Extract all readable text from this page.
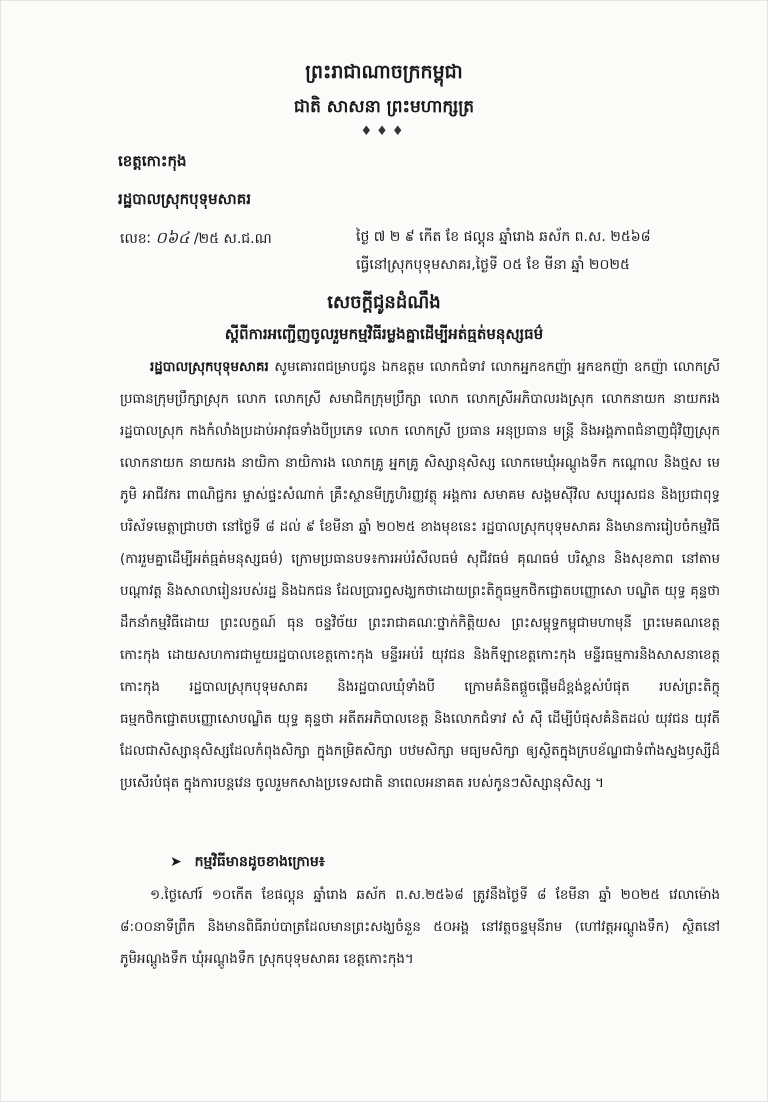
ព្រះរាជាណាចក្រកម្ពុជា
ជាតិ សាសនា ព្រះមហាក្សត្រ
♦♦♦
ខេត្តកោះកុង
រដ្ឋបាលស្រុកបុទុមសាគរ
លេខៈ ០៦៤ /២៥ ស.ជ.ណ	ថ្ងៃ ៧ ២ ៩ កើត ខែ ផល្គុន ឆ្នាំរោង ឆស័ក ព.ស. ២៥៦៨
ធ្វើនៅស្រុកបុទុមសាគរ,ថ្ងៃទី ០៥ ខែ មីនា ឆ្នាំ ២០២៥
សេចក្តីជូនដំណឹង
ស្តីពីការអញ្ជើញចូលរួមកម្មវិធីរម្លងគ្នាដើម្បីអត់ធ្មត់មនុស្សធម៌

រដ្ឋបាលស្រុកបុទុមសាគរ សូមគោរពជម្រាបជូន ឯកឧត្តម លោកជំទាវ លោកអ្នកឧកញ៉ា អ្នកឧកញ៉ា ឧកញ៉ា លោកស្រីប្រធានក្រុមប្រឹក្សាស្រុក លោក លោកស្រី សមាជិកក្រុមប្រឹក្សា លោក លោកស្រីអភិបាលរងស្រុក លោកនាយក នាយករងរដ្ឋបាលស្រុក កងកំលាំងប្រដាប់អាវុធទាំងបីប្រភេទ លោក លោកស្រី ប្រធាន អនុប្រធាន មន្ត្រី និងអង្គភាពជំនាញជុំវិញស្រុក លោកនាយក នាយករង នាយិកា នាយិការង លោកគ្រូ អ្នកគ្រូ សិស្សានុសិស្ស លោកមេឃុំអណ្តូងទឹក កណ្តោល និងថ្មស មេភូមិ អាជីវករ ពាណិជ្ជករ ម្ចាស់ផ្ទះសំណាក់ គ្រឹះស្ថានមីក្រូហិរញ្ញវត្ថុ អង្គការ សមាគម សង្គមស៊ីវិល សប្បុរសជន និងប្រជាពុទ្ធបរិស័ទមេត្តាជ្រាបថា នៅថ្ងៃទី ៨ ដល់ ៩ ខែមីនា ឆ្នាំ ២០២៥ ខាងមុខនេះ រដ្ឋបាលស្រុកបុទុមសាគរ និងមានការរៀបចំកម្មវិធី (ការរួមគ្នាដើម្បីអត់ធ្មត់មនុស្សធម៌) ក្រោមប្រធានបទ៖ការអប់រំសីលធម៌ សុជីវធម៌ គុណធម៌ បរិស្ថាន និងសុខភាព នៅតាមបណ្តាវត្ត និងសាលារៀនរបស់រដ្ឋ និងឯកជន ដែលប្រារព្ធសង្ឃកថាដោយព្រះតិក្ខុធម្មកថិកជ្ជោតបញ្ញោសោ បណ្ឌិត យុទ្ធ គុន្ទថា ដឹកនាំកម្មវិធីដោយ ព្រះលក្ខណ៍ ធុន ចន្ទវិច័យ ព្រះរាជាគណៈថ្នាក់កិត្តិយស ព្រះសម្ពុទ្ធកម្ពុជាមហាមុនី ព្រះមេគណខេត្តកោះកុង ដោយសហការជាមួយរដ្ឋបាលខេត្តកោះកុង មន្ទីរអប់រំ យុវជន និងកីឡាខេត្តកោះកុង មន្ទីរធម្មការនិងសាសនាខេត្តកោះកុង រដ្ឋបាលស្រុកបុទុមសាគរ និងរដ្ឋបាលឃុំទាំងបី ក្រោមគំនិតផ្តួចផ្តើមដ៏ខ្ពង់ខ្ពស់បំផុត របស់ព្រះតិក្ខុធម្មកថិកជ្ជោតបញ្ញោសោបណ្ឌិត យុទ្ធ គុន្ទថា អតីតអភិបាលខេត្ត និងលោកជំទាវ សំ ស៊ី ដើម្បីបំផុសគំនិតដល់ យុវជន យុវតី ដែលជាសិស្សានុសិស្សដែលកំពុងសិក្សា ក្នុងកម្រិតសិក្សា បឋមសិក្សា មធ្យមសិក្សា ឲ្យស្ថិតក្នុងក្របខ័ណ្ឌជាទំពាំងស្នងឫស្សីដ៏ប្រសើរបំផុត ក្នុងការបន្តវេន ចូលរួមកសាងប្រទេសជាតិ នាពេលអនាគត របស់កូនៗសិស្សានុសិស្ស ។

➤ កម្មវិធីមានដូចខាងក្រោម៖
១.ថ្ងៃសៅរ៍ ១០កើត ខែផល្គុន ឆ្នាំរោង ឆស័ក ព.ស.២៥៦៨ ត្រូវនឹងថ្ងៃទី ៨ ខែមីនា ឆ្នាំ ២០២៥ វេលាម៉ោង ៨:០០នាទីព្រឹក និងមានពិធីរាប់បាត្រដែលមានព្រះសង្ឃចំនួន ៥០អង្គ នៅវត្តចន្ទមុនីរាម (ហៅវត្តអណ្តូងទឹក) ស្ថិតនៅភូមិអណ្តូងទឹក ឃុំអណ្តូងទឹក ស្រុកបុទុមសាគរ ខេត្តកោះកុង។
